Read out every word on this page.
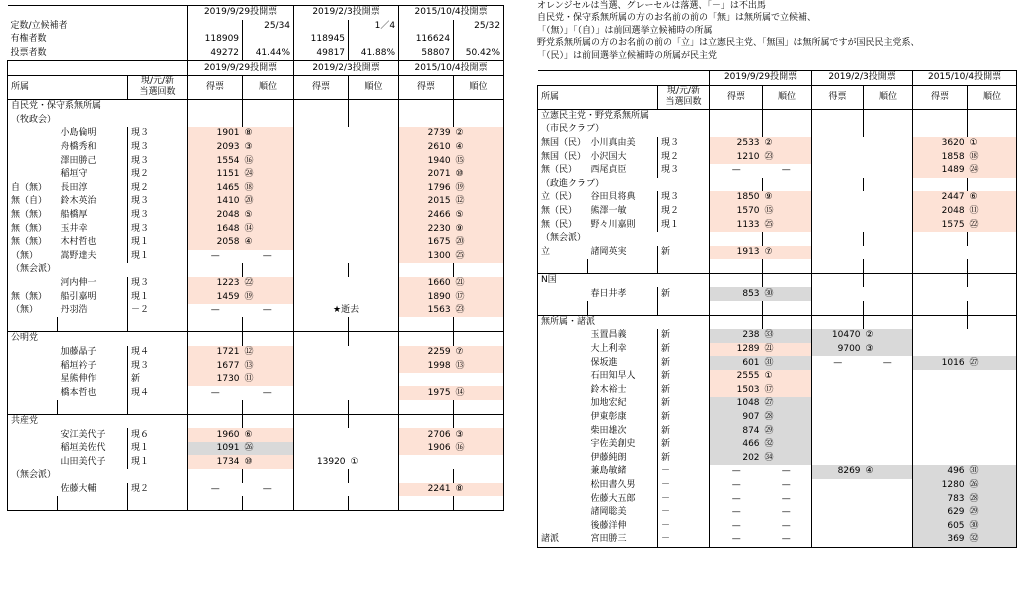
			2019/9/29投開票		2019/2/3投開票		2015/10/4投開票	
定数/立候補者				25/34		1／4		25/32
有権者数			118909		118945		116624	
投票者数			49272	41.44%	49817	41.88%	58807	50.42%
			2019/9/29投開票		2019/2/3投開票		2015/10/4投開票	
所属		現/元/新
当選回数	得票	順位	得票	順位	得票	順位
自民党・保守系無所属								
（牧政会）								
	小島倫明	現３	1901	⑧			2739	②
	舟橋秀和	現３	2093	③			2610	④
	澤田勝己	現３	1554	⑯			1940	⑮
	稲垣守	現２	1151	㉔			2071	⑩
自（無）	長田淳	現２	1465	⑱			1796	⑲
無（自）	鈴木英治	現３	1410	⑳			2015	⑫
無（無）	船橋厚	現３	2048	⑤			2466	⑤
無（無）	玉井幸	現３	1648	⑭			2230	⑨
無（無）	木村哲也	現１	2058	④			1675	⑳
（無）	嵩野達夫	現１	—	—			1300	㉕
（無会派）								
	河内伸一	現３	1223	㉒			1660	㉑
無（無）	船引嘉明	現１	1459	⑲			1890	⑰
（無）	丹羽浩	－２	—	—	★逝去		1563	㉓

公明党								
	加藤晶子	現４	1721	⑫			2259	⑦
	稲垣衿子	現３	1677	⑬			1998	⑬
	星熊伸作	新	1730	⑪				
	橋本哲也	現４	—	—			1975	⑭

共産党								
	安江美代子	現６	1960	⑥			2706	③
	稲垣美佐代	現１	1091	㉖			1906	⑯
	山田美代子	現１	1734	⑩	13920	①		
（無会派）								
	佐藤大輔	現２	—	—			2241	⑧

オレンジセルは当選、グレーセルは落選、「－」は不出馬
自民党・保守系無所属の方のお名前の前の「無」は無所属で立候補、
「（無）」「（自）」は前回選挙立候補時の所属
野党系無所属の方のお名前の前の「立」は立憲民主党、「無国」は無所属ですが国民民主党系、
「（民）」は前回選挙立候補時の所属が民主党
			2019/9/29投開票		2019/2/3投開票		2015/10/4投開票	
所属		現/元/新
当選回数	得票	順位	得票	順位	得票	順位
立憲民主党・野党系無所属								
（市民クラブ）								
無国（民）	小川真由美	現３	2533	②			3620	①
無国（民）	小沢国大	現２	1210	㉓			1858	⑱
無（民）	西尾貞臣	現３	—	—			1489	㉔
（政進クラブ）								
立（民）	谷田貝将典	現３	1850	⑨			2447	⑥
無（民）	熊澤一敏	現２	1570	⑮			2048	⑪
無（民）	野々川嘉則	現１	1133	㉕			1575	㉒
（無会派）								
立	諸岡英実	新	1913	⑦				

N国								
	春日井孝	新	853	㉚				

無所属・諸派								
	玉置昌義	新	238	㉝	10470	②		
	大上利幸	新	1289	㉑	9700	③		
	保坂進	新	601	㉛	—	—	1016	㉗
	石田知早人	新	2555	①				
	鈴木裕士	新	1503	⑰				
	加地宏紀	新	1048	㉗				
	伊東彰康	新	907	㉘				
	柴田雄次	新	874	㉙				
	宇佐美創史	新	466	㉜				
	伊藤純朗	新	202	㉞				
	兼島敏緒	－	—	—	8269	④	496	㉛
	松田書久男	－	—	—			1280	㉖
	佐藤大五郎	－	—	—			783	㉘
	諸岡聡美	－	—	—			629	㉙
	後藤洋伸	－	—	—			605	㉚
諸派	宮田勝三	－	—	—			369	㉜
